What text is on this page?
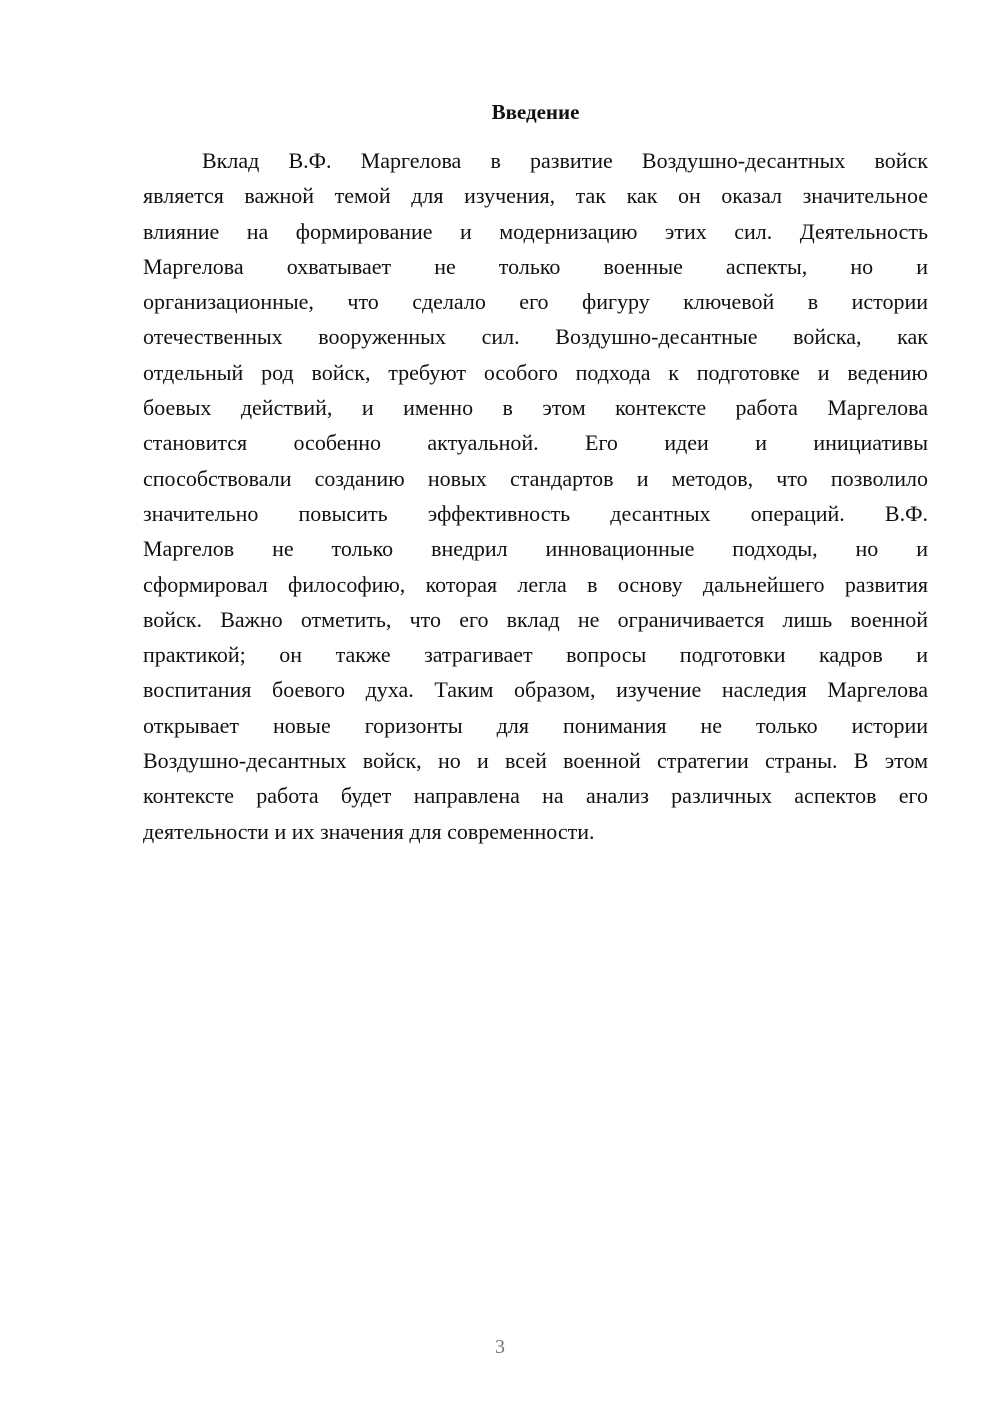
Введение
Вклад В.Ф. Маргелова в развитие Воздушно-десантных войск
является важной темой для изучения, так как он оказал значительное
влияние на формирование и модернизацию этих сил. Деятельность
Маргелова охватывает не только военные аспекты, но и
организационные, что сделало его фигуру ключевой в истории
отечественных вооруженных сил. Воздушно-десантные войска, как
отдельный род войск, требуют особого подхода к подготовке и ведению
боевых действий, и именно в этом контексте работа Маргелова
становится особенно актуальной. Его идеи и инициативы
способствовали созданию новых стандартов и методов, что позволило
значительно повысить эффективность десантных операций. В.Ф.
Маргелов не только внедрил инновационные подходы, но и
сформировал философию, которая легла в основу дальнейшего развития
войск. Важно отметить, что его вклад не ограничивается лишь военной
практикой; он также затрагивает вопросы подготовки кадров и
воспитания боевого духа. Таким образом, изучение наследия Маргелова
открывает новые горизонты для понимания не только истории
Воздушно-десантных войск, но и всей военной стратегии страны. В этом
контексте работа будет направлена на анализ различных аспектов его
деятельности и их значения для современности.
3
